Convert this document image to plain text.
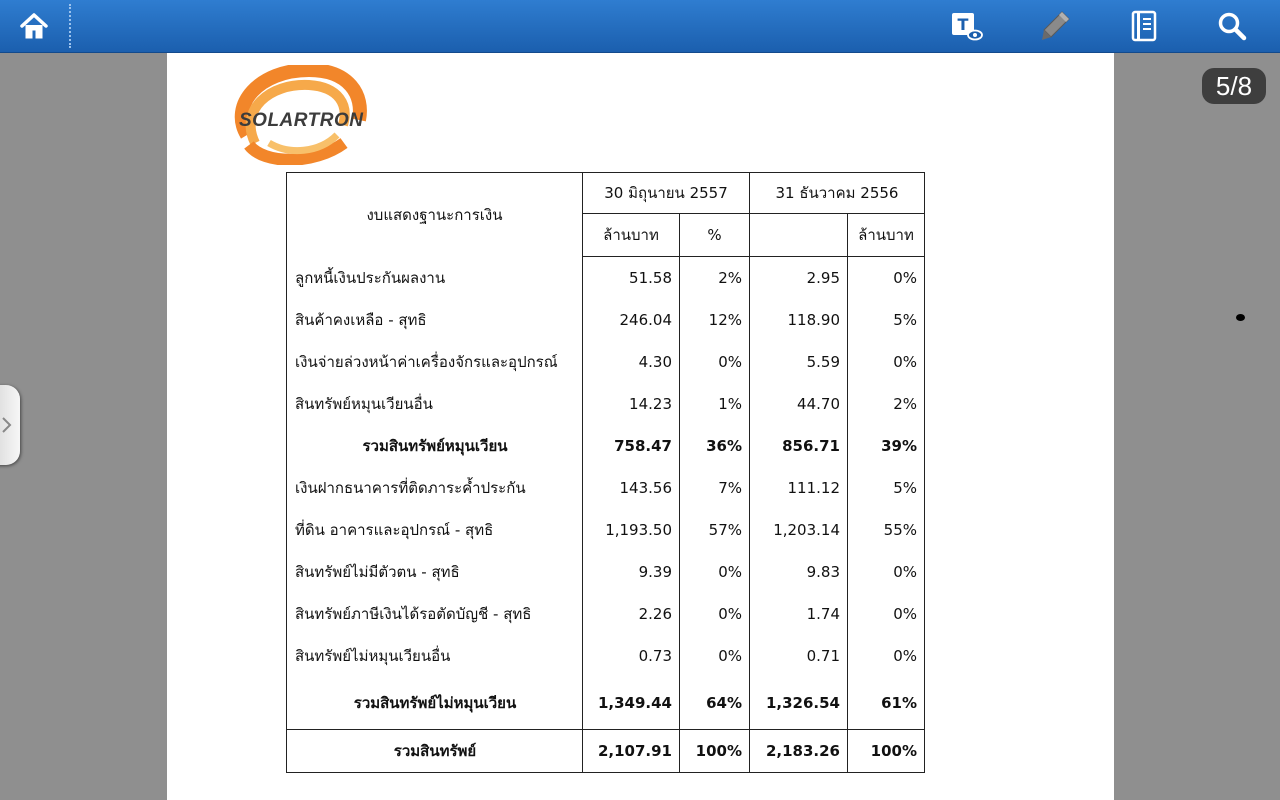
T
5/8
SOLARTRON
งบแสดงฐานะการเงิน	30 มิถุนายน 2557		31 ธันวาคม 2556	
	ล้านบาท	%		ล้านบาท
ลูกหนี้เงินประกันผลงาน	51.58	2%	2.95	0%
สินค้าคงเหลือ - สุทธิ	246.04	12%	118.90	5%
เงินจ่ายล่วงหน้าค่าเครื่องจักรและอุปกรณ์	4.30	0%	5.59	0%
สินทรัพย์หมุนเวียนอื่น	14.23	1%	44.70	2%
รวมสินทรัพย์หมุนเวียน	758.47	36%	856.71	39%
เงินฝากธนาคารที่ติดภาระค้ำประกัน	143.56	7%	111.12	5%
ที่ดิน อาคารและอุปกรณ์ - สุทธิ	1,193.50	57%	1,203.14	55%
สินทรัพย์ไม่มีตัวตน - สุทธิ	9.39	0%	9.83	0%
สินทรัพย์ภาษีเงินได้รอตัดบัญชี - สุทธิ	2.26	0%	1.74	0%
สินทรัพย์ไม่หมุนเวียนอื่น	0.73	0%	0.71	0%
รวมสินทรัพย์ไม่หมุนเวียน	1,349.44	64%	1,326.54	61%
รวมสินทรัพย์	2,107.91	100%	2,183.26	100%
